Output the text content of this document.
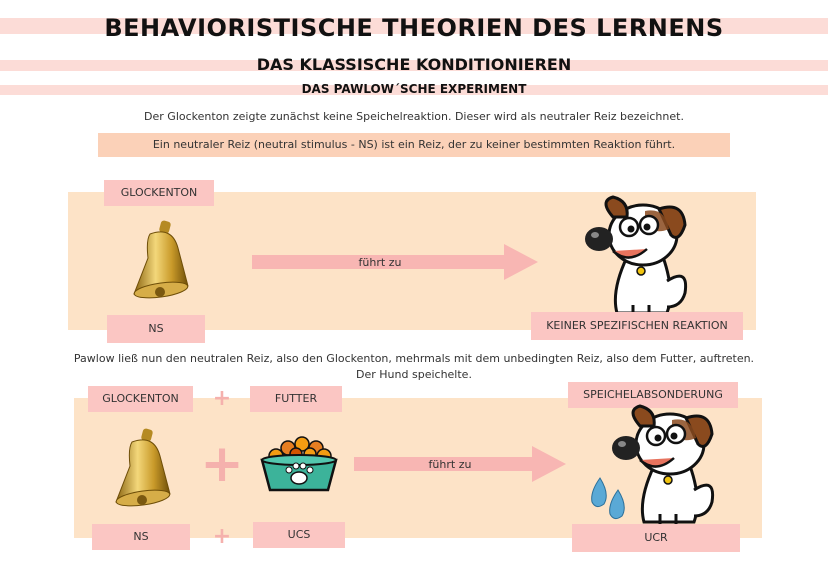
BEHAVIORISTISCHE THEORIEN DES LERNENS
DAS KLASSISCHE KONDITIONIEREN
DAS PAWLOW´SCHE EXPERIMENT
Der Glockenton zeigte zunächst keine Speichelreaktion. Dieser wird als neutraler Reiz bezeichnet.
Ein neutraler Reiz (neutral stimulus - NS) ist ein Reiz, der zu keiner bestimmten Reaktion führt.
GLOCKENTON
führt zu
NS	KEINER SPEZIFISCHEN REAKTION
Pawlow ließ nun den neutralen Reiz, also den Glockenton, mehrmals mit dem unbedingten Reiz, also dem Futter, auftreten.
Der Hund speichelte.
GLOCKENTON	+	FUTTER	SPEICHELABSONDERUNG
+	führt zu
NS	+	UCS	UCR
